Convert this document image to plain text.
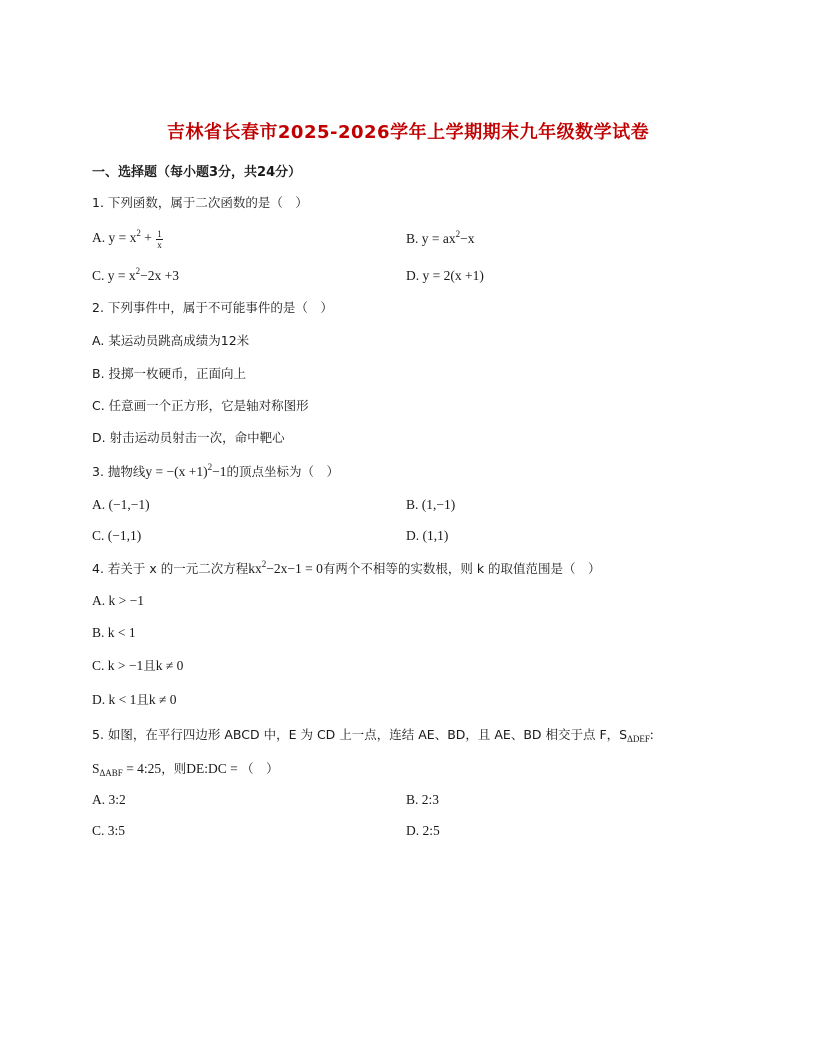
吉林省长春市2025-2026学年上学期期末九年级数学试卷
一、选择题（每小题3分，共24分）
1. 下列函数，属于二次函数的是（　）
A. $y = x^2 + \frac{1}{x}$	B. $y = ax^2-x$
C. $y = x^2-2x +3$	D. y = 2(x +1)
2. 下列事件中，属于不可能事件的是（　）
A. 某运动员跳高成绩为12米
B. 投掷一枚硬币，正面向上
C. 任意画一个正方形，它是轴对称图形
D. 射击运动员射击一次，命中靶心
3. 抛物线$y = -(x +1)^2-1$的顶点坐标为（　）
A. (−1,−1)	B. (1,−1)
C. (−1,1)	D. (1,1)
4. 若关于 x 的一元二次方程$kx^2-2x-1 = 0$有两个不相等的实数根，则 k 的取值范围是（　）
A. k > −1
B. k < 1
C. k > −1且k ≠ 0
D. k < 1且k ≠ 0
5. 如图，在平行四边形 ABCD 中，E 为 CD 上一点，连结 AE、BD，且 AE、BD 相交于点 F，$S_{\Delta DEF}$:
$S_{\Delta ABF}$ = 4:25，则DE:DC = （　）
A. 3:2	B. 2:3
C. 3:5	D. 2:5
